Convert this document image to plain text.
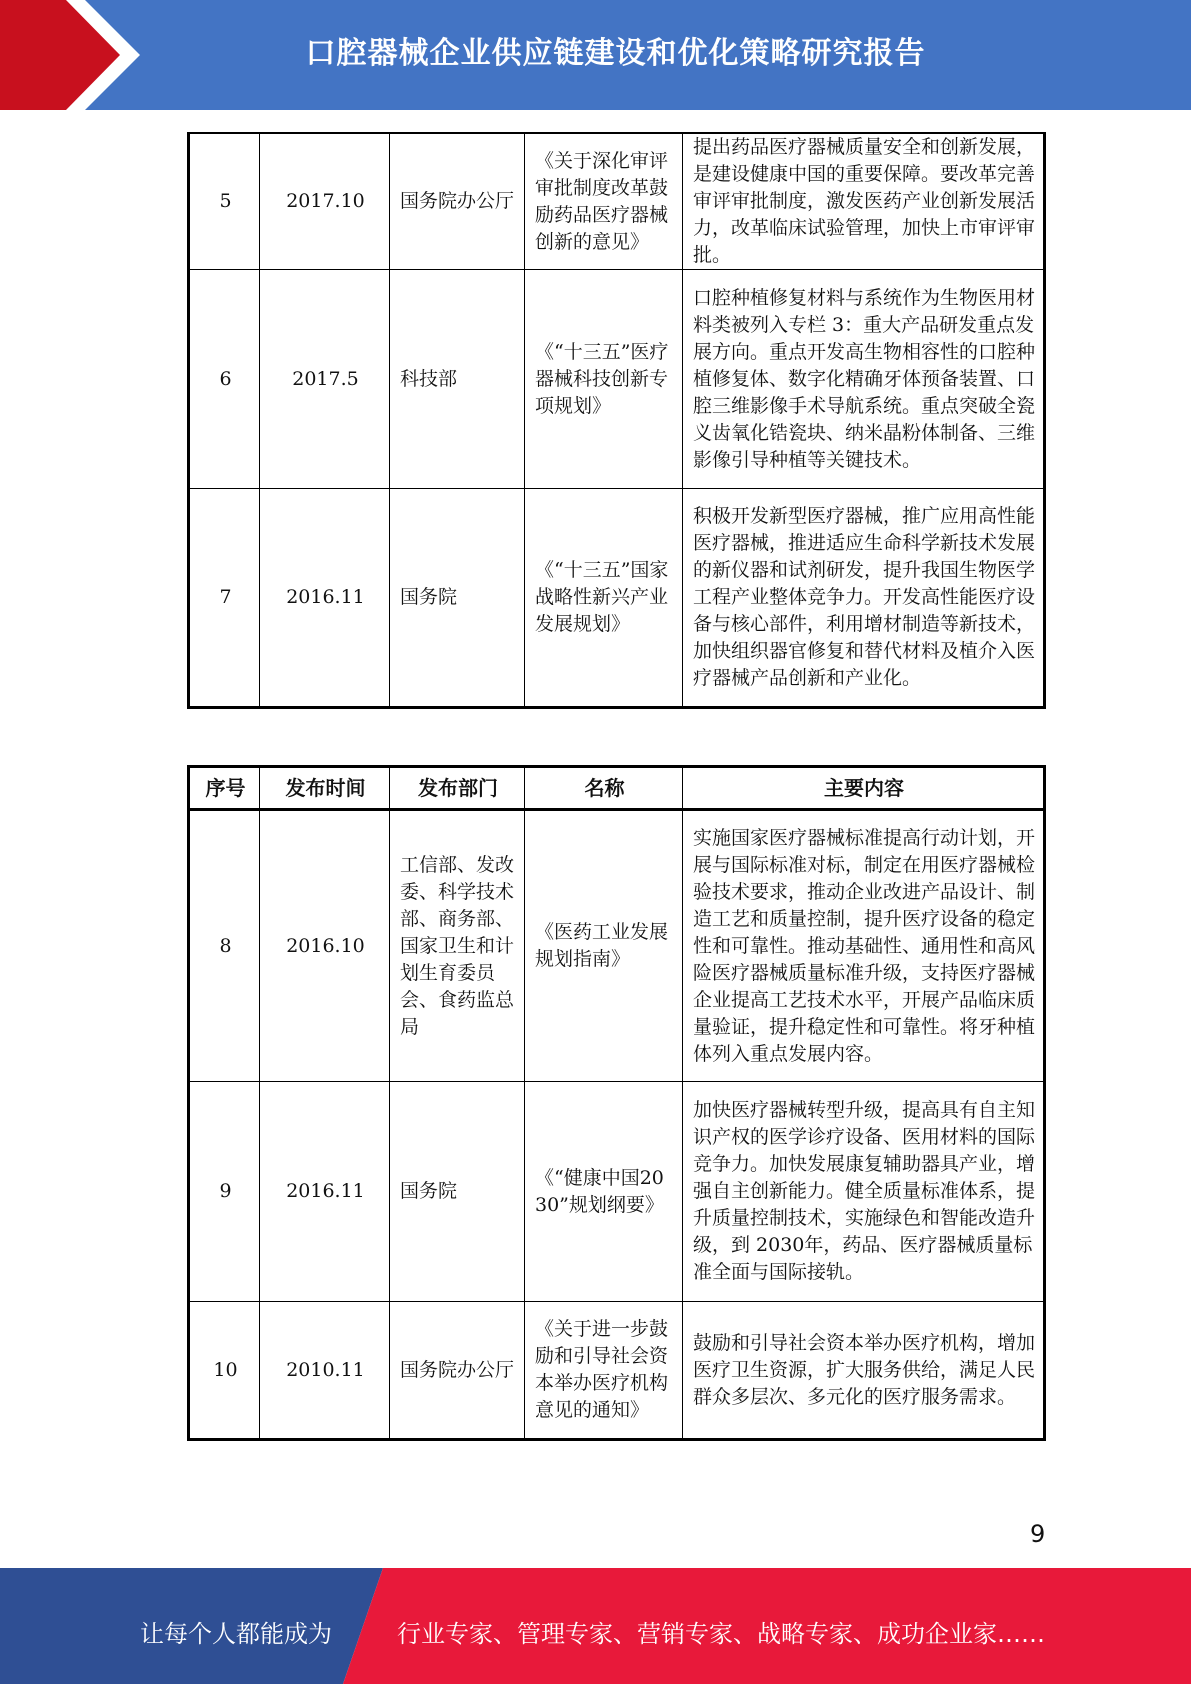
口腔器械企业供应链建设和优化策略研究报告
5	2017.10	国务院办公厅	《关于深化审评审批制度改革鼓励药品医疗器械创新的意见》	提出药品医疗器械质量安全和创新发展，是建设健康中国的重要保障。要改革完善审评审批制度，激发医药产业创新发展活力，改革临床试验管理，加快上市审评审批。
6	2017.5	科技部	《“十三五”医疗器械科技创新专项规划》	口腔种植修复材料与系统作为生物医用材料类被列入专栏 3：重大产品研发重点发展方向。重点开发高生物相容性的口腔种植修复体、数字化精确牙体预备装置、口腔三维影像手术导航系统。重点突破全瓷义齿氧化锆瓷块、纳米晶粉体制备、三维影像引导种植等关键技术。
7	2016.11	国务院	《“十三五”国家战略性新兴产业发展规划》	积极开发新型医疗器械，推广应用高性能医疗器械，推进适应生命科学新技术发展的新仪器和试剂研发，提升我国生物医学工程产业整体竞争力。开发高性能医疗设备与核心部件，利用增材制造等新技术，加快组织器官修复和替代材料及植介入医疗器械产品创新和产业化。
序号	发布时间	发布部门	名称	主要内容
8	2016.10	工信部、发改委、科学技术部、商务部、国家卫生和计划生育委员会、食药监总局	《医药工业发展规划指南》	实施国家医疗器械标准提高行动计划，开展与国际标准对标，制定在用医疗器械检验技术要求，推动企业改进产品设计、制造工艺和质量控制，提升医疗设备的稳定性和可靠性。推动基础性、通用性和高风险医疗器械质量标准升级，支持医疗器械企业提高工艺技术水平，开展产品临床质量验证，提升稳定性和可靠性。将牙种植体列入重点发展内容。
9	2016.11	国务院	《“健康中国2030”规划纲要》	加快医疗器械转型升级，提高具有自主知识产权的医学诊疗设备、医用材料的国际竞争力。加快发展康复辅助器具产业，增强自主创新能力。健全质量标准体系，提升质量控制技术，实施绿色和智能改造升级，到 2030年，药品、医疗器械质量标准全面与国际接轨。
10	2010.11	国务院办公厅	《关于进一步鼓励和引导社会资本举办医疗机构意见的通知》	鼓励和引导社会资本举办医疗机构，增加医疗卫生资源，扩大服务供给，满足人民群众多层次、多元化的医疗服务需求。
9
让每个人都能成为	行业专家、管理专家、营销专家、战略专家、成功企业家……
